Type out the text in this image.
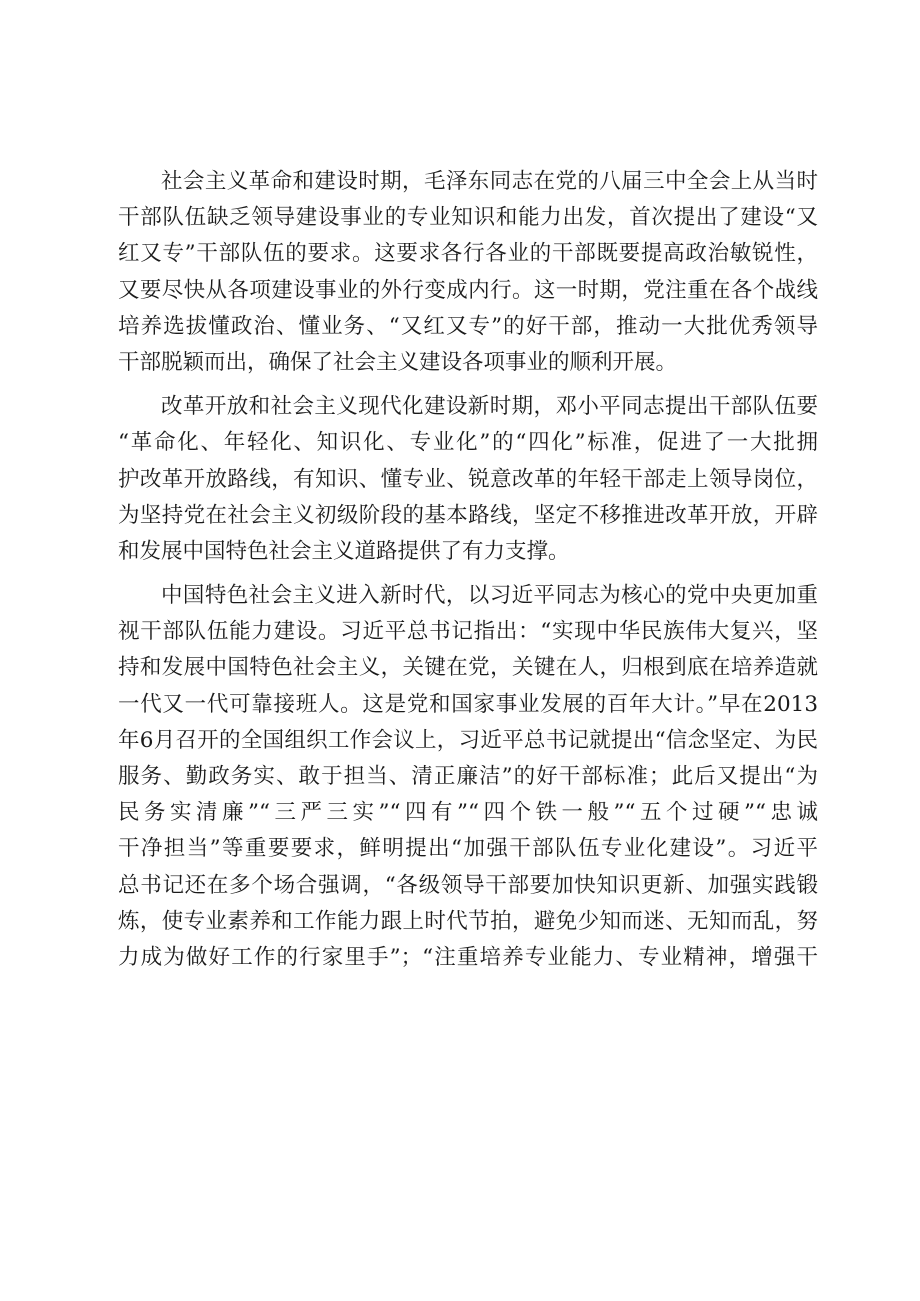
社会主义革命和建设时期，毛泽东同志在党的八届三中全会上从当时
干部队伍缺乏领导建设事业的专业知识和能力出发，首次提出了建设“又
红又专”干部队伍的要求。这要求各行各业的干部既要提高政治敏锐性，
又要尽快从各项建设事业的外行变成内行。这一时期，党注重在各个战线
培养选拔懂政治、懂业务、“又红又专”的好干部，推动一大批优秀领导
干部脱颖而出，确保了社会主义建设各项事业的顺利开展。
改革开放和社会主义现代化建设新时期，邓小平同志提出干部队伍要
“革命化、年轻化、知识化、专业化”的“四化”标准，促进了一大批拥
护改革开放路线，有知识、懂专业、锐意改革的年轻干部走上领导岗位，
为坚持党在社会主义初级阶段的基本路线，坚定不移推进改革开放，开辟
和发展中国特色社会主义道路提供了有力支撑。
中国特色社会主义进入新时代，以习近平同志为核心的党中央更加重
视干部队伍能力建设。习近平总书记指出：“实现中华民族伟大复兴，坚
持和发展中国特色社会主义，关键在党，关键在人，归根到底在培养造就
一代又一代可靠接班人。这是党和国家事业发展的百年大计。”早在2013
年6月召开的全国组织工作会议上，习近平总书记就提出“信念坚定、为民
服务、勤政务实、敢于担当、清正廉洁”的好干部标准；此后又提出“为
民务实清廉”“三严三实”“四有”“四个铁一般”“五个过硬”“忠诚
干净担当”等重要要求，鲜明提出“加强干部队伍专业化建设”。习近平
总书记还在多个场合强调，“各级领导干部要加快知识更新、加强实践锻
炼，使专业素养和工作能力跟上时代节拍，避免少知而迷、无知而乱，努
力成为做好工作的行家里手”；“注重培养专业能力、专业精神，增强干
